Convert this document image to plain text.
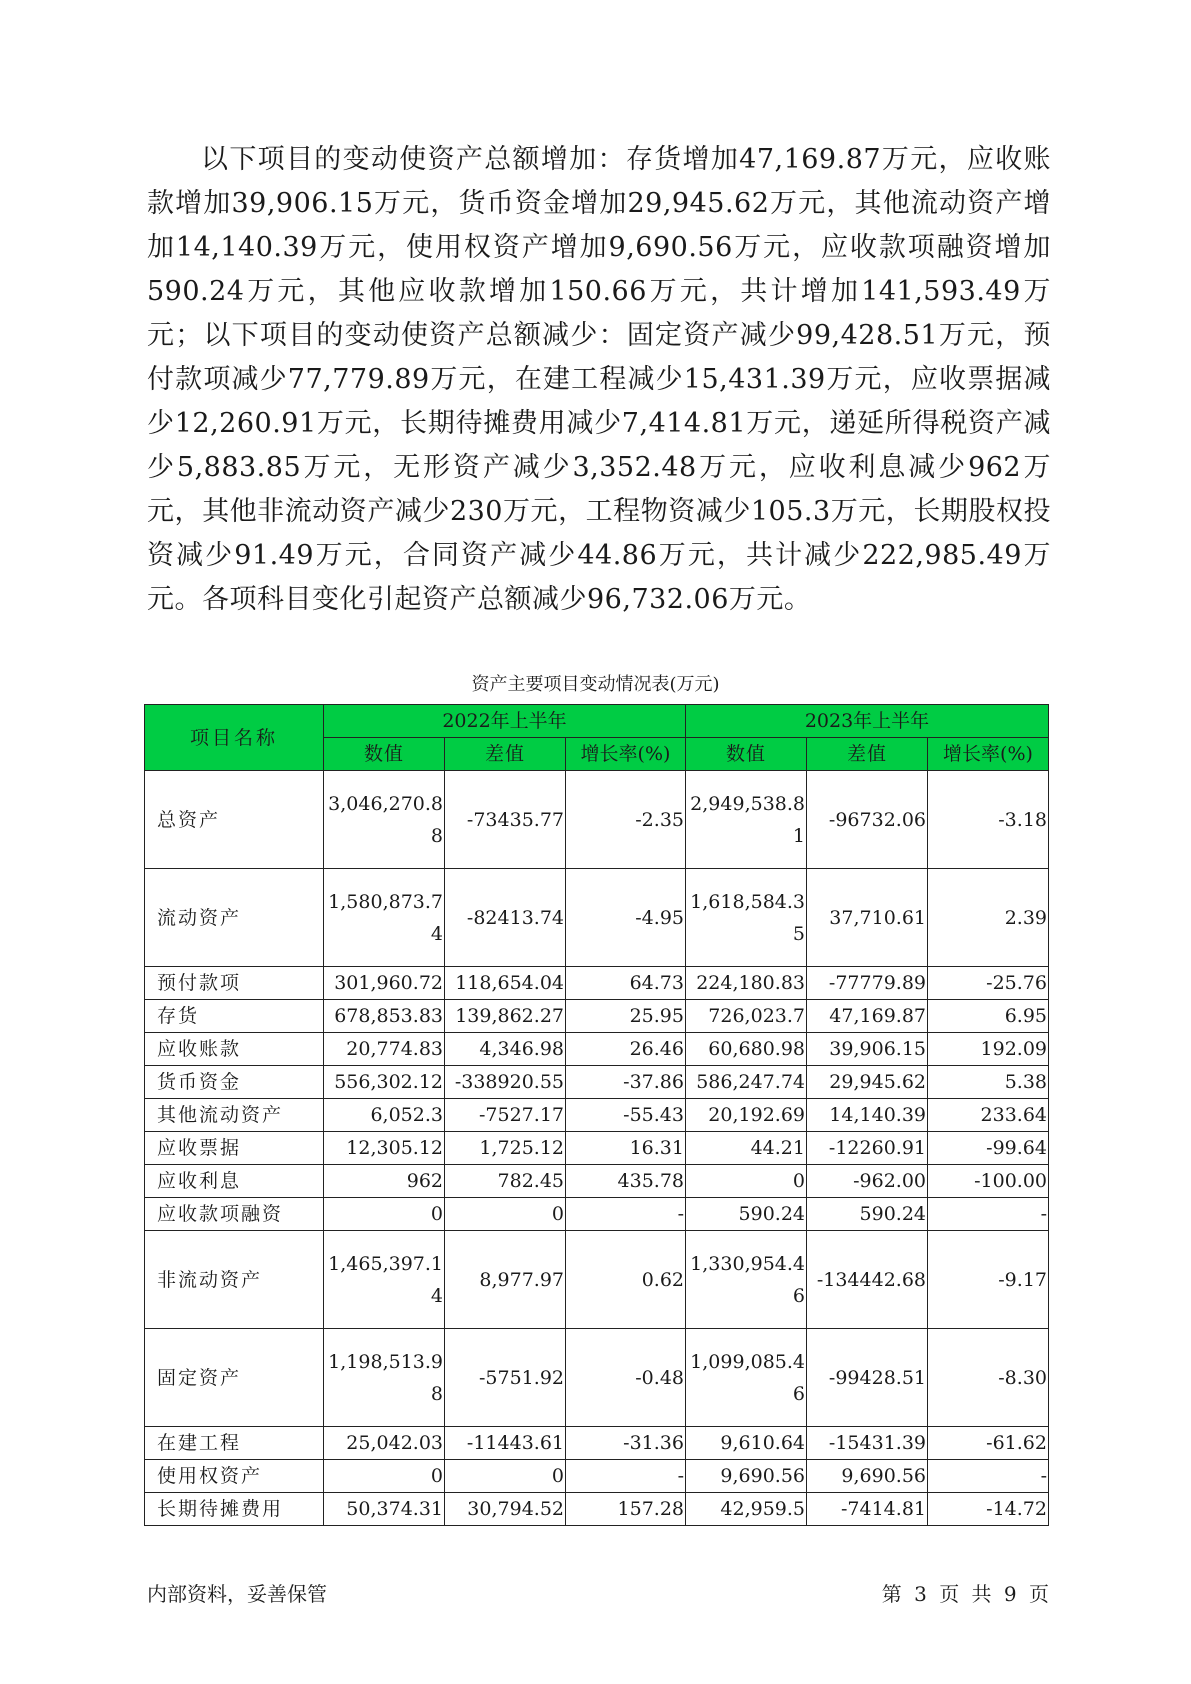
以下项目的变动使资产总额增加：存货增加47,169.87万元，应收账款增加39,906.15万元，货币资金增加29,945.62万元，其他流动资产增加14,140.39万元，使用权资产增加9,690.56万元，应收款项融资增加590.24万元，其他应收款增加150.66万元，共计增加141,593.49万元；以下项目的变动使资产总额减少：固定资产减少99,428.51万元，预付款项减少77,779.89万元，在建工程减少15,431.39万元，应收票据减少12,260.91万元，长期待摊费用减少7,414.81万元，递延所得税资产减少5,883.85万元，无形资产减少3,352.48万元，应收利息减少962万元，其他非流动资产减少230万元，工程物资减少105.3万元，长期股权投资减少91.49万元，合同资产减少44.86万元，共计减少222,985.49万元。各项科目变化引起资产总额减少96,732.06万元。

资产主要项目变动情况表(万元)
项目名称	2022年上半年			2023年上半年		
	数值	差值	增长率(%)	数值	差值	增长率(%)
总资产	3,046,270.88	-73435.77	-2.35	2,949,538.81	-96732.06	-3.18
流动资产	1,580,873.74	-82413.74	-4.95	1,618,584.35	37,710.61	2.39
预付款项	301,960.72	118,654.04	64.73	224,180.83	-77779.89	-25.76
存货	678,853.83	139,862.27	25.95	726,023.7	47,169.87	6.95
应收账款	20,774.83	4,346.98	26.46	60,680.98	39,906.15	192.09
货币资金	556,302.12	-338920.55	-37.86	586,247.74	29,945.62	5.38
其他流动资产	6,052.3	-7527.17	-55.43	20,192.69	14,140.39	233.64
应收票据	12,305.12	1,725.12	16.31	44.21	-12260.91	-99.64
应收利息	962	782.45	435.78	0	-962.00	-100.00
应收款项融资	0	0	-	590.24	590.24	-
非流动资产	1,465,397.14	8,977.97	0.62	1,330,954.46	-134442.68	-9.17
固定资产	1,198,513.98	-5751.92	-0.48	1,099,085.46	-99428.51	-8.30
在建工程	25,042.03	-11443.61	-31.36	9,610.64	-15431.39	-61.62
使用权资产	0	0	-	9,690.56	9,690.56	-
长期待摊费用	50,374.31	30,794.52	157.28	42,959.5	-7414.81	-14.72
内部资料，妥善保管	第 3 页 共 9 页
